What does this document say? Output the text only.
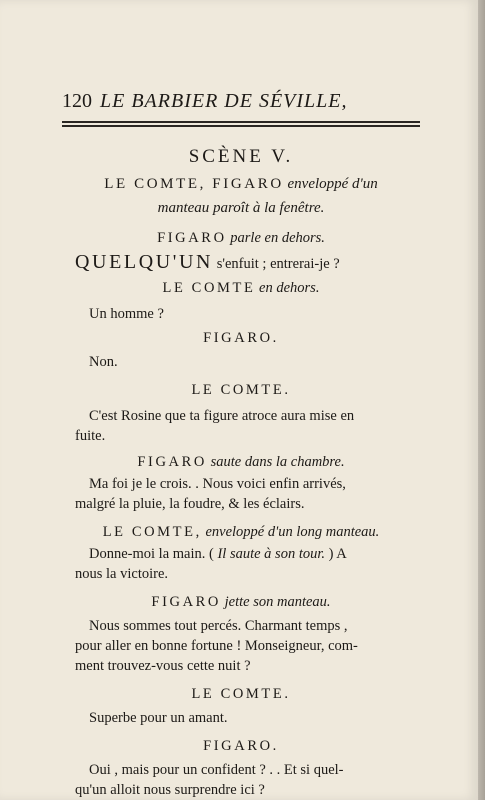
120 LE BARBIER DE SÉVILLE,

SCÈNE V.

LE COMTE, FIGARO enveloppé d'un

manteau paroît à la fenêtre.

FIGARO parle en dehors.

QUELQU'UN s'enfuit ; entrerai-je ?

LE COMTE en dehors.

Un homme ?

FIGARO.

Non.

LE COMTE.

C'est Rosine que ta figure atroce aura mise en

fuite.

FIGARO saute dans la chambre.

Ma foi je le crois. . Nous voici enfin arrivés,

malgré la pluie, la foudre, & les éclairs.

LE COMTE, enveloppé d'un long manteau.

Donne-moi la main. ( Il saute à son tour. ) A

nous la victoire.

FIGARO jette son manteau.

Nous sommes tout percés. Charmant temps ,

pour aller en bonne fortune ! Monseigneur, com-

ment trouvez-vous cette nuit ?

LE COMTE.

Superbe pour un amant.

FIGARO.

Oui , mais pour un confident ? . . Et si quel-

qu'un alloit nous surprendre ici ?
